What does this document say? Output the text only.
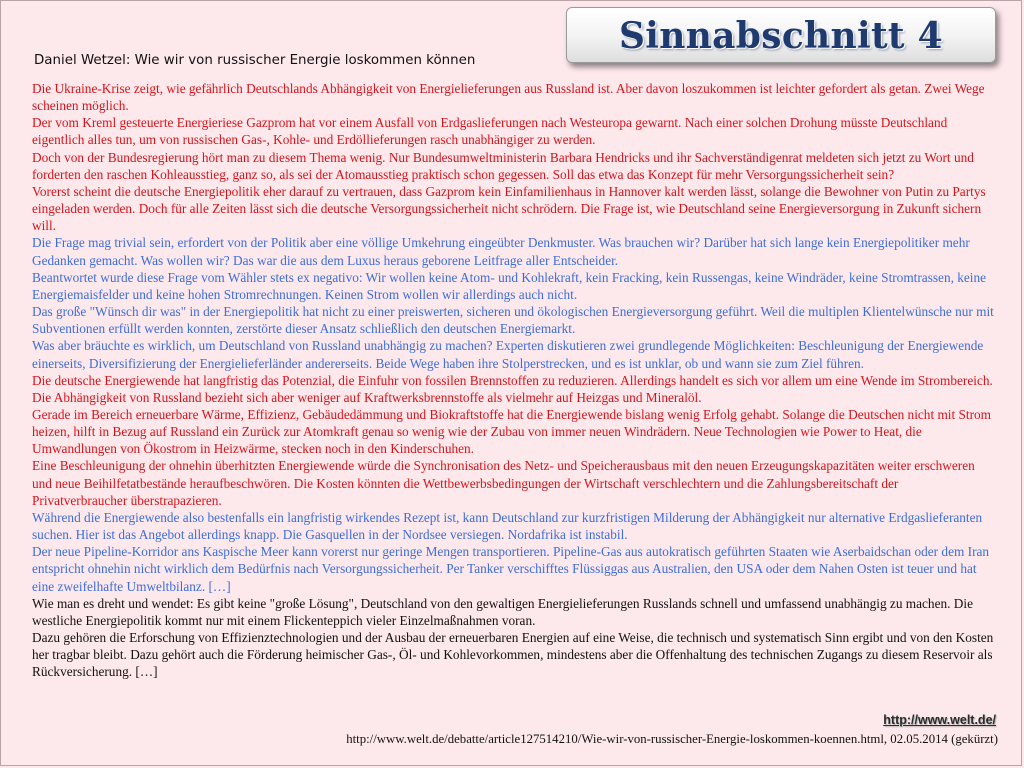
Sinnabschnitt 4
Daniel Wetzel: Wie wir von russischer Energie loskommen können
Die Ukraine-Krise zeigt, wie gefährlich Deutschlands Abhängigkeit von Energielieferungen aus Russland ist. Aber davon loszukommen ist leichter gefordert als getan. Zwei Wege scheinen möglich.
Der vom Kreml gesteuerte Energieriese Gazprom hat vor einem Ausfall von Erdgaslieferungen nach Westeuropa gewarnt. Nach einer solchen Drohung müsste Deutschland eigentlich alles tun, um von russischen Gas-, Kohle- und Erdöllieferungen rasch unabhängiger zu werden.
Doch von der Bundesregierung hört man zu diesem Thema wenig. Nur Bundesumweltministerin Barbara Hendricks und ihr Sachverständigenrat meldeten sich jetzt zu Wort und forderten den raschen Kohleausstieg, ganz so, als sei der Atomausstieg praktisch schon gegessen. Soll das etwa das Konzept für mehr Versorgungssicherheit sein?
Vorerst scheint die deutsche Energiepolitik eher darauf zu vertrauen, dass Gazprom kein Einfamilienhaus in Hannover kalt werden lässt, solange die Bewohner von Putin zu Partys eingeladen werden. Doch für alle Zeiten lässt sich die deutsche Versorgungssicherheit nicht schrödern. Die Frage ist, wie Deutschland seine Energieversorgung in Zukunft sichern will.
Die Frage mag trivial sein, erfordert von der Politik aber eine völlige Umkehrung eingeübter Denkmuster. Was brauchen wir? Darüber hat sich lange kein Energiepolitiker mehr Gedanken gemacht. Was wollen wir? Das war die aus dem Luxus heraus geborene Leitfrage aller Entscheider.
Beantwortet wurde diese Frage vom Wähler stets ex negativo: Wir wollen keine Atom- und Kohlekraft, kein Fracking, kein Russengas, keine Windräder, keine Stromtrassen, keine Energiemaisfelder und keine hohen Stromrechnungen. Keinen Strom wollen wir allerdings auch nicht.
Das große "Wünsch dir was" in der Energiepolitik hat nicht zu einer preiswerten, sicheren und ökologischen Energieversorgung geführt. Weil die multiplen Klientelwünsche nur mit Subventionen erfüllt werden konnten, zerstörte dieser Ansatz schließlich den deutschen Energiemarkt.
Was aber bräuchte es wirklich, um Deutschland von Russland unabhängig zu machen? Experten diskutieren zwei grundlegende Möglichkeiten: Beschleunigung der Energiewende einerseits, Diversifizierung der Energielieferländer andererseits. Beide Wege haben ihre Stolperstrecken, und es ist unklar, ob und wann sie zum Ziel führen.
Die deutsche Energiewende hat langfristig das Potenzial, die Einfuhr von fossilen Brennstoffen zu reduzieren. Allerdings handelt es sich vor allem um eine Wende im Strombereich. Die Abhängigkeit von Russland bezieht sich aber weniger auf Kraftwerksbrennstoffe als vielmehr auf Heizgas und Mineralöl.
Gerade im Bereich erneuerbare Wärme, Effizienz, Gebäudedämmung und Biokraftstoffe hat die Energiewende bislang wenig Erfolg gehabt. Solange die Deutschen nicht mit Strom heizen, hilft in Bezug auf Russland ein Zurück zur Atomkraft genau so wenig wie der Zubau von immer neuen Windrädern. Neue Technologien wie Power to Heat, die Umwandlungen von Ökostrom in Heizwärme, stecken noch in den Kinderschuhen.
Eine Beschleunigung der ohnehin überhitzten Energiewende würde die Synchronisation des Netz- und Speicherausbaus mit den neuen Erzeugungskapazitäten weiter erschweren und neue Beihilfetatbestände heraufbeschwören. Die Kosten könnten die Wettbewerbsbedingungen der Wirtschaft verschlechtern und die Zahlungsbereitschaft der Privatverbraucher überstrapazieren.
Während die Energiewende also bestenfalls ein langfristig wirkendes Rezept ist, kann Deutschland zur kurzfristigen Milderung der Abhängigkeit nur alternative Erdgaslieferanten suchen. Hier ist das Angebot allerdings knapp. Die Gasquellen in der Nordsee versiegen. Nordafrika ist instabil.
Der neue Pipeline-Korridor ans Kaspische Meer kann vorerst nur geringe Mengen transportieren. Pipeline-Gas aus autokratisch geführten Staaten wie Aserbaidschan oder dem Iran entspricht ohnehin nicht wirklich dem Bedürfnis nach Versorgungssicherheit. Per Tanker verschifftes Flüssiggas aus Australien, den USA oder dem Nahen Osten ist teuer und hat eine zweifelhafte Umweltbilanz. […]
Wie man es dreht und wendet: Es gibt keine "große Lösung", Deutschland von den gewaltigen Energielieferungen Russlands schnell und umfassend unabhängig zu machen. Die westliche Energiepolitik kommt nur mit einem Flickenteppich vieler Einzelmaßnahmen voran.
Dazu gehören die Erforschung von Effizienztechnologien und der Ausbau der erneuerbaren Energien auf eine Weise, die technisch und systematisch Sinn ergibt und von den Kosten her tragbar bleibt. Dazu gehört auch die Förderung heimischer Gas-, Öl- und Kohlevorkommen, mindestens aber die Offenhaltung des technischen Zugangs zu diesem Reservoir als Rückversicherung. […]
http://www.welt.de/
http://www.welt.de/debatte/article127514210/Wie-wir-von-russischer-Energie-loskommen-koennen.html, 02.05.2014 (gekürzt)
